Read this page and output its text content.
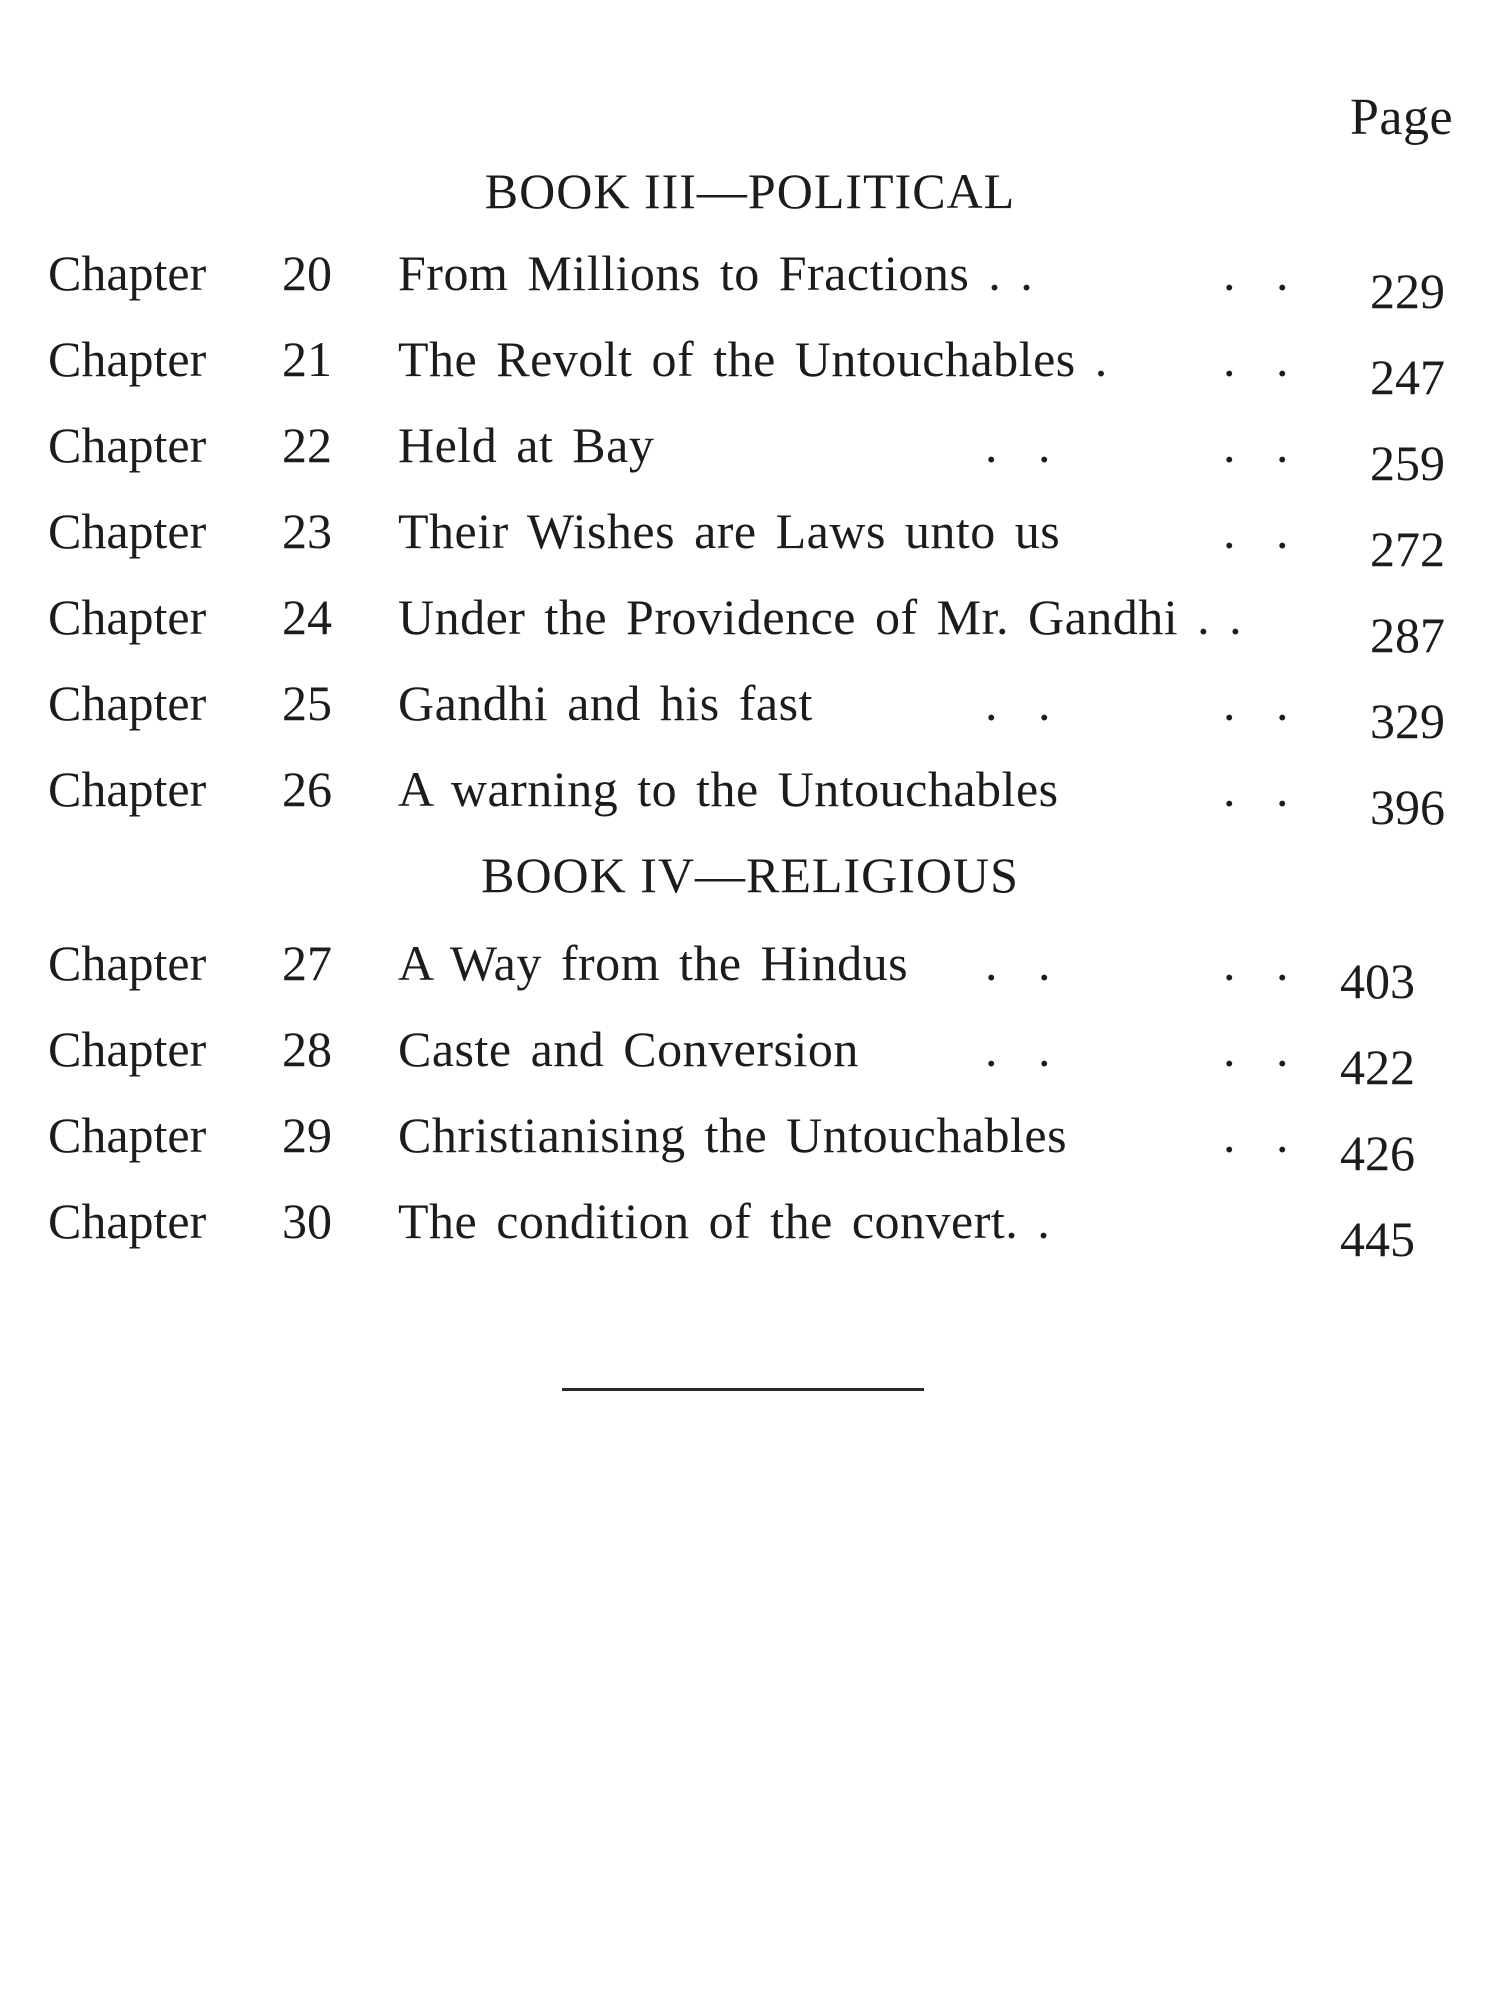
Page
BOOK III—POLITICAL
Chapter 20 From Millions to Fractions . .	. . 229
Chapter 21 The Revolt of the Untouchables . . . 247
Chapter 22 Held at Bay	. .	. . 259
Chapter 23 Their Wishes are Laws unto us	. . 272
Chapter 24 Under the Providence of Mr. Gandhi . .	287
Chapter 25 Gandhi and his fast	. .	. . 329
Chapter 26 A warning to the Untouchables	. . 396
BOOK IV—RELIGIOUS
Chapter 27 A Way from the Hindus . .	. . 403
Chapter 28 Caste and Conversion	. .	. . 422
Chapter 29 Christianising the Untouchables	. . 426
Chapter 30 The condition of the convert. .	445
